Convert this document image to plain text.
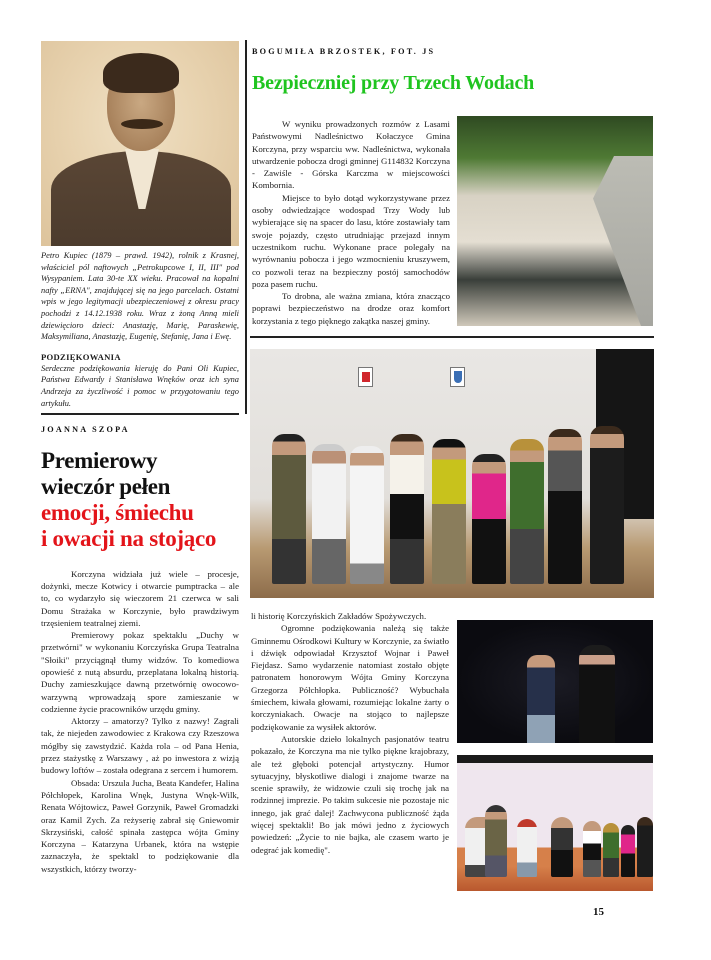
Petro Kupiec (1879 – prawd. 1942), rolnik z Krasnej, właściciel pól naftowych „Petrokupcowe I, II, III" pod Wysypaniem. Lata 30-te XX wieku. Pracował na kopalni nafty „ERNA", znajdującej się na jego parcelach. Ostatni wpis w jego legitymacji ubezpieczeniowej z okresu pracy pochodzi z 14.12.1938 roku. Wraz z żoną Anną mieli dziewięcioro dzieci: Anastazję, Marię, Paraskewię, Maksymiliana, Anastazję, Eugenię, Stefanię, Jana i Ewę.
PODZIĘKOWANIA
Serdeczne podziękowania kieruję do Pani Oli Kupiec, Państwa Edwardy i Stanisława Wnęków oraz ich syna Andrzeja za życzliwość i pomoc w przygotowaniu tego artykułu.
JOANNA SZOPA
Premierowy
wieczór pełen
emocji, śmiechu
i owacji na stojąco

Korczyna widziała już wiele – procesje, dożynki, mecze Kotwicy i otwarcie pumptracka – ale to, co wydarzyło się wieczorem 21 czerwca w sali Domu Strażaka w Korczynie, było prawdziwym trzęsieniem teatralnej ziemi.

Premierowy pokaz spektaklu „Duchy w przetwórni" w wykonaniu Korczyńska Grupa Teatralna "Słoiki" przyciągnął tłumy widzów. To komediowa opowieść z nutą absurdu, przeplatana lokalną historią. Duchy zamieszkujące dawną przetwórnię owocowo-warzywną wprowadzają spore zamieszanie w codzienne życie pracowników urzędu gminy.

Aktorzy – amatorzy? Tylko z nazwy! Zagrali tak, że niejeden zawodowiec z Krakowa czy Rzeszowa mógłby się zawstydzić. Każda rola – od Pana Henia, przez stażystkę z Warszawy , aż po inwestora z wizją budowy loftów – została odegrana z sercem i humorem.

Obsada: Urszula Jucha, Beata Kandefer, Halina Półchłopek, Karolina Wnęk, Justyna Wnęk-Wilk, Renata Wójtowicz, Paweł Gorzynik, Paweł Gromadzki oraz Kamil Zych. Za reżyserię zabrał się Gniewomir Skrzysiński, całość spinała zastępca wójta Gminy Korczyna – Katarzyna Urbanek, która na wstępie zaznaczyła, że spektakl to podziękowanie dla wszystkich, którzy tworzy-

BOGUMIŁA BRZOSTEK, FOT. JS
Bezpieczniej przy Trzech Wodach

W wyniku prowadzonych rozmów z Lasami Państwowymi Nadleśnictwo Kołaczyce Gmina Korczyna, przy wsparciu ww. Nadleśnictwa, wykonała utwardzenie pobocza drogi gminnej G114832 Korczyna - Zawiśle - Górska Karczma w miejscowości Kombornia.

Miejsce to było dotąd wykorzystywane przez osoby odwiedzające wodospad Trzy Wody lub wybierające się na spacer do lasu, które zostawiały tam swoje pojazdy, często utrudniając przejazd innym uczestnikom ruchu. Wykonane prace polegały na wyrównaniu pobocza i jego wzmocnieniu kruszywem, co pozwoli teraz na bezpieczny postój samochodów poza pasem ruchu.

To drobna, ale ważna zmiana, która znacząco poprawi bezpieczeństwo na drodze oraz komfort korzystania z tego pięknego zakątka naszej gminy.

li historię Korczyńskich Zakładów Spożywczych.

Ogromne podziękowania należą się także Gminnemu Ośrodkowi Kultury w Korczynie, za światło i dźwięk odpowiadał Krzysztof Wojnar i Paweł Fiejdasz. Samo wydarzenie natomiast zostało objęte patronatem honorowym Wójta Gminy Korczyna Grzegorza Półchłopka. Publiczność? Wybuchała śmiechem, kiwała głowami, rozumiejąc lokalne żarty o korczyniakach. Owacje na stojąco to najlepsze podziękowanie za wysiłek aktorów.

Autorskie dzieło lokalnych pasjonatów teatru pokazało, że Korczyna ma nie tylko piękne krajobrazy, ale też głęboki potencjał artystyczny. Humor sytuacyjny, błyskotliwe dialogi i znajome twarze na scenie sprawiły, że widzowie czuli się trochę jak na rodzinnej imprezie. Po takim sukcesie nie pozostaje nic innego, jak grać dalej! Zachwycona publiczność żąda więcej spektakli! Bo jak mówi jedno z życiowych powiedzeń: „Życie to nie bajka, ale czasem warto je odegrać jak komedię".

15
